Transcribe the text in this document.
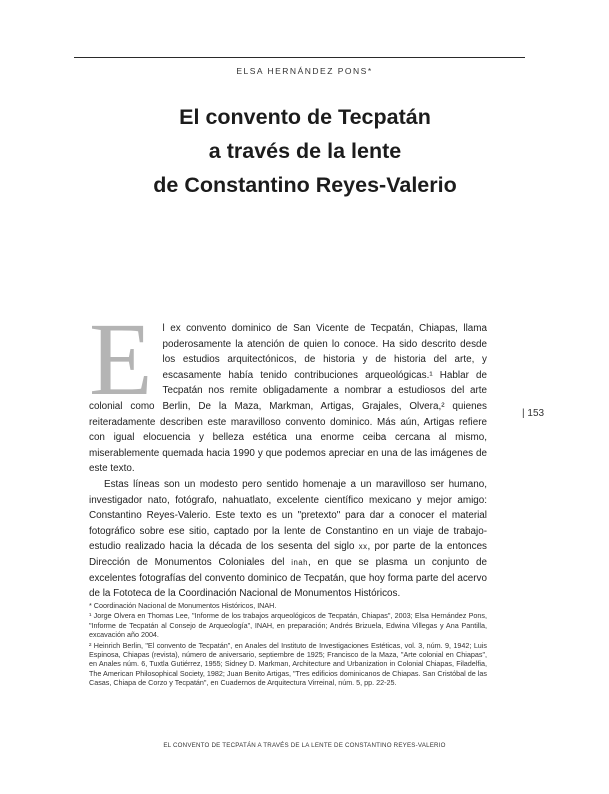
ELSA HERNÁNDEZ PONS*
El convento de Tecpatán
a través de la lente
de Constantino Reyes-Valerio
E	l ex convento dominico de San Vicente de Tecpatán, Chiapas, llama poderosamente la atención de quien lo conoce. Ha sido descrito desde los estudios arquitectónicos, de historia y de historia del arte, y escasamente había tenido contribuciones arqueológicas.¹ Hablar de Tecpatán nos remite obligadamente a nombrar a estudiosos del arte colonial como Berlin, De la Maza, Markman, Artigas, Grajales, Olvera,² quienes reiteradamente describen este maravilloso convento dominico. Más aún, Artigas refiere con igual elocuencia y belleza estética una enorme ceiba cercana al mismo, miserablemente quemada hacia 1990 y que podemos apreciar en una de las imágenes de este texto.

Estas líneas son un modesto pero sentido homenaje a un maravilloso ser humano, investigador nato, fotógrafo, nahuatlato, excelente científico mexicano y mejor amigo: Constantino Reyes-Valerio. Este texto es un "pretexto" para dar a conocer el material fotográfico sobre ese sitio, captado por la lente de Constantino en un viaje de trabajo-estudio realizado hacia la década de los sesenta del siglo xx, por parte de la entonces Dirección de Monumentos Coloniales del inah, en que se plasma un conjunto de excelentes fotografías del convento dominico de Tecpatán, que hoy forma parte del acervo de la Fototeca de la Coordinación Nacional de Monumentos Históricos.

| 153

* Coordinación Nacional de Monumentos Históricos, INAH.

¹ Jorge Olvera en Thomas Lee, "Informe de los trabajos arqueológicos de Tecpatán, Chiapas", 2003; Elsa Hernández Pons, "Informe de Tecpatán al Consejo de Arqueología", INAH, en preparación; Andrés Brizuela, Edwina Villegas y Ana Pantilla, excavación año 2004.

² Heinrich Berlin, "El convento de Tecpatán", en Anales del Instituto de Investigaciones Estéticas, vol. 3, núm. 9, 1942; Luis Espinosa, Chiapas (revista), número de aniversario, septiembre de 1925; Francisco de la Maza, "Arte colonial en Chiapas", en Anales núm. 6, Tuxtla Gutiérrez, 1955; Sidney D. Markman, Architecture and Urbanization in Colonial Chiapas, Filadelfia, The American Philosophical Society, 1982; Juan Benito Artigas, "Tres edificios dominicanos de Chiapas. San Cristóbal de las Casas, Chiapa de Corzo y Tecpatán", en Cuadernos de Arquitectura Virreinal, núm. 5, pp. 22-25.

EL CONVENTO DE TECPATÁN A TRAVÉS DE LA LENTE DE CONSTANTINO REYES-VALERIO
